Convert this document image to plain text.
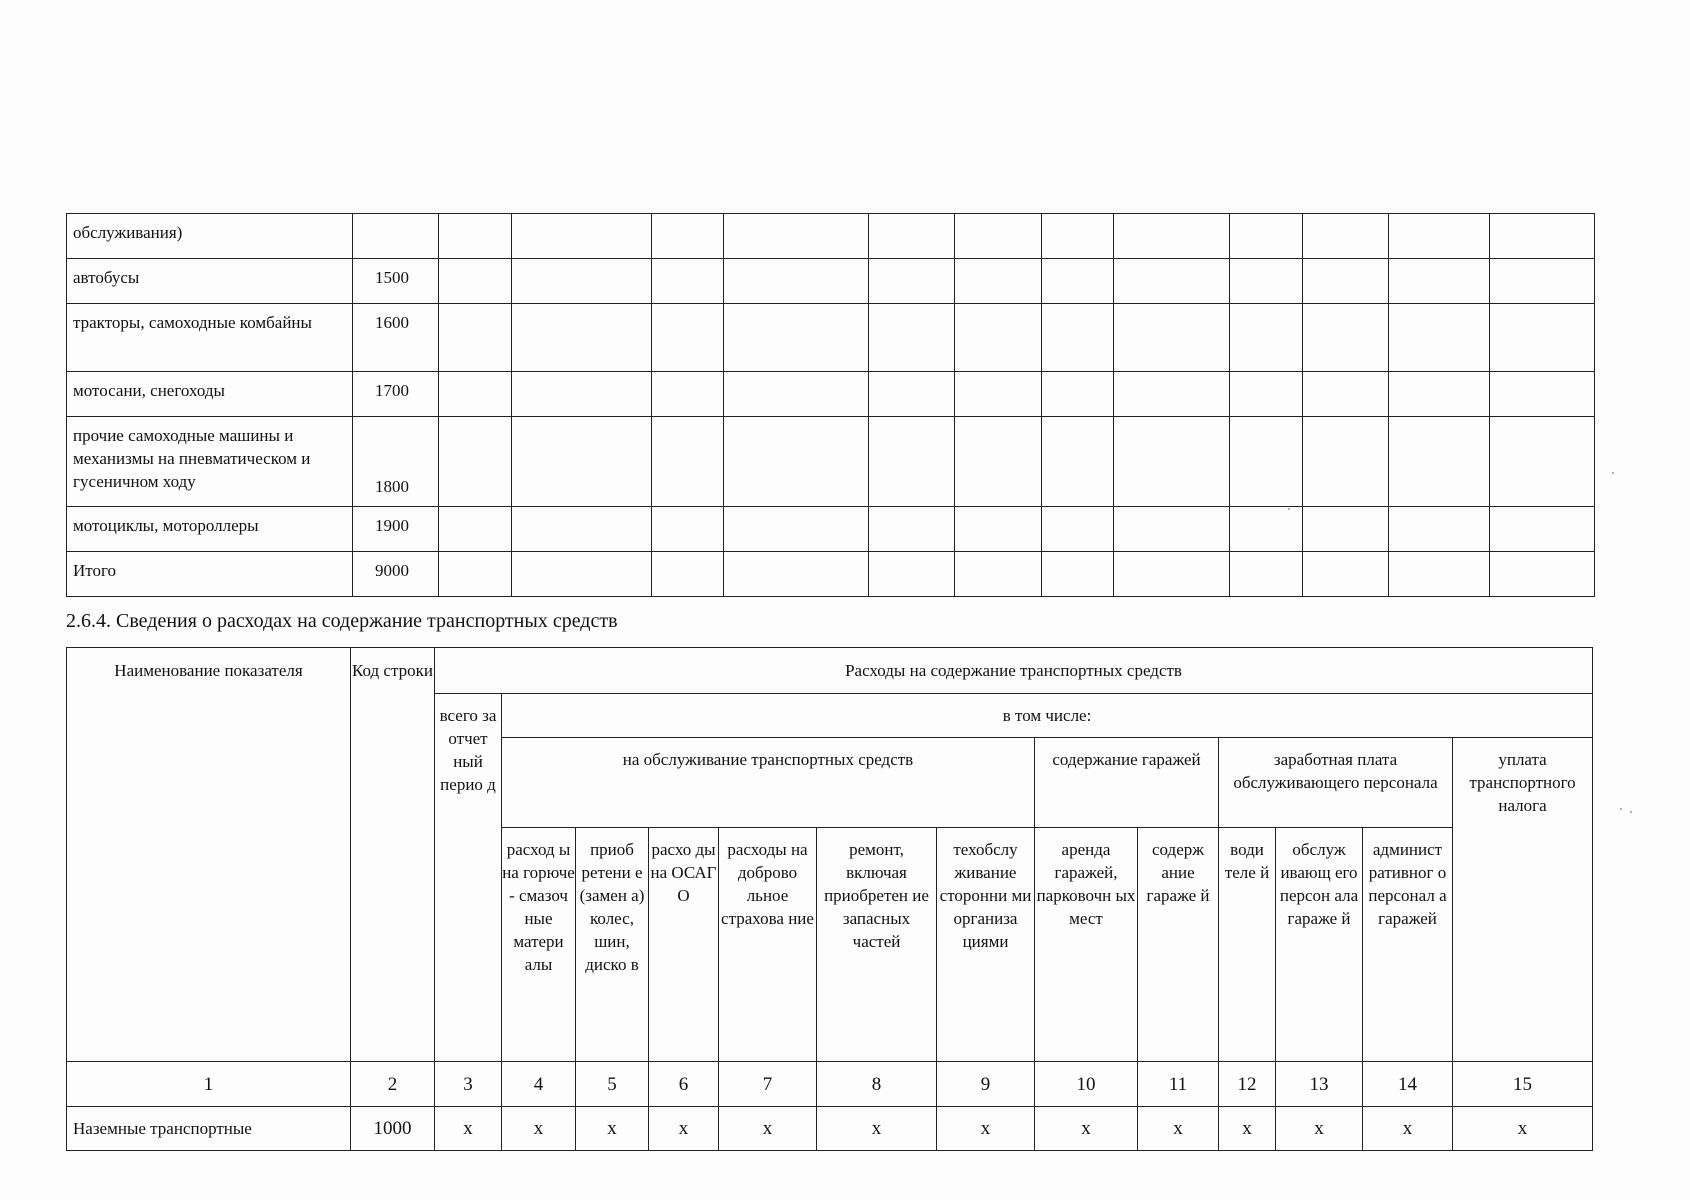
обслуживания)													
автобусы	1500												
тракторы, самоходные комбайны	1600												
мотосани, снегоходы	1700												
прочие самоходные машины и механизмы на пневматическом и гусеничном ходу	1800												
мотоциклы, мотороллеры	1900												
Итого	9000												
2.6.4. Сведения о расходах на содержание транспортных средств
Наименование показателя	Код строки	Расходы на содержание транспортных средств												
		всего за отчет ный перио д	в том числе:											
			на обслуживание транспортных средств						содержание гаражей		заработная плата обслуживающего персонала			уплата транспортного налога
			расход ы на горюче - смазоч ные матери алы	приоб ретени е (замен а) колес, шин, диско в	расхо ды на ОСАГ О	расходы на доброво льное страхова ние	ремонт, включая приобретен ие запасных частей	техобслу живание сторонни ми организа циями	аренда гаражей, парковочн ых мест	содерж ание гараже й	води теле й	обслуж ивающ его персон ала гараже й	админист ративног о персонал а гаражей	
1	2	3	4	5	6	7	8	9	10	11	12	13	14	15
Наземные транспортные	1000	х	х	х	х	х	х	х	х	х	х	х	х	х
